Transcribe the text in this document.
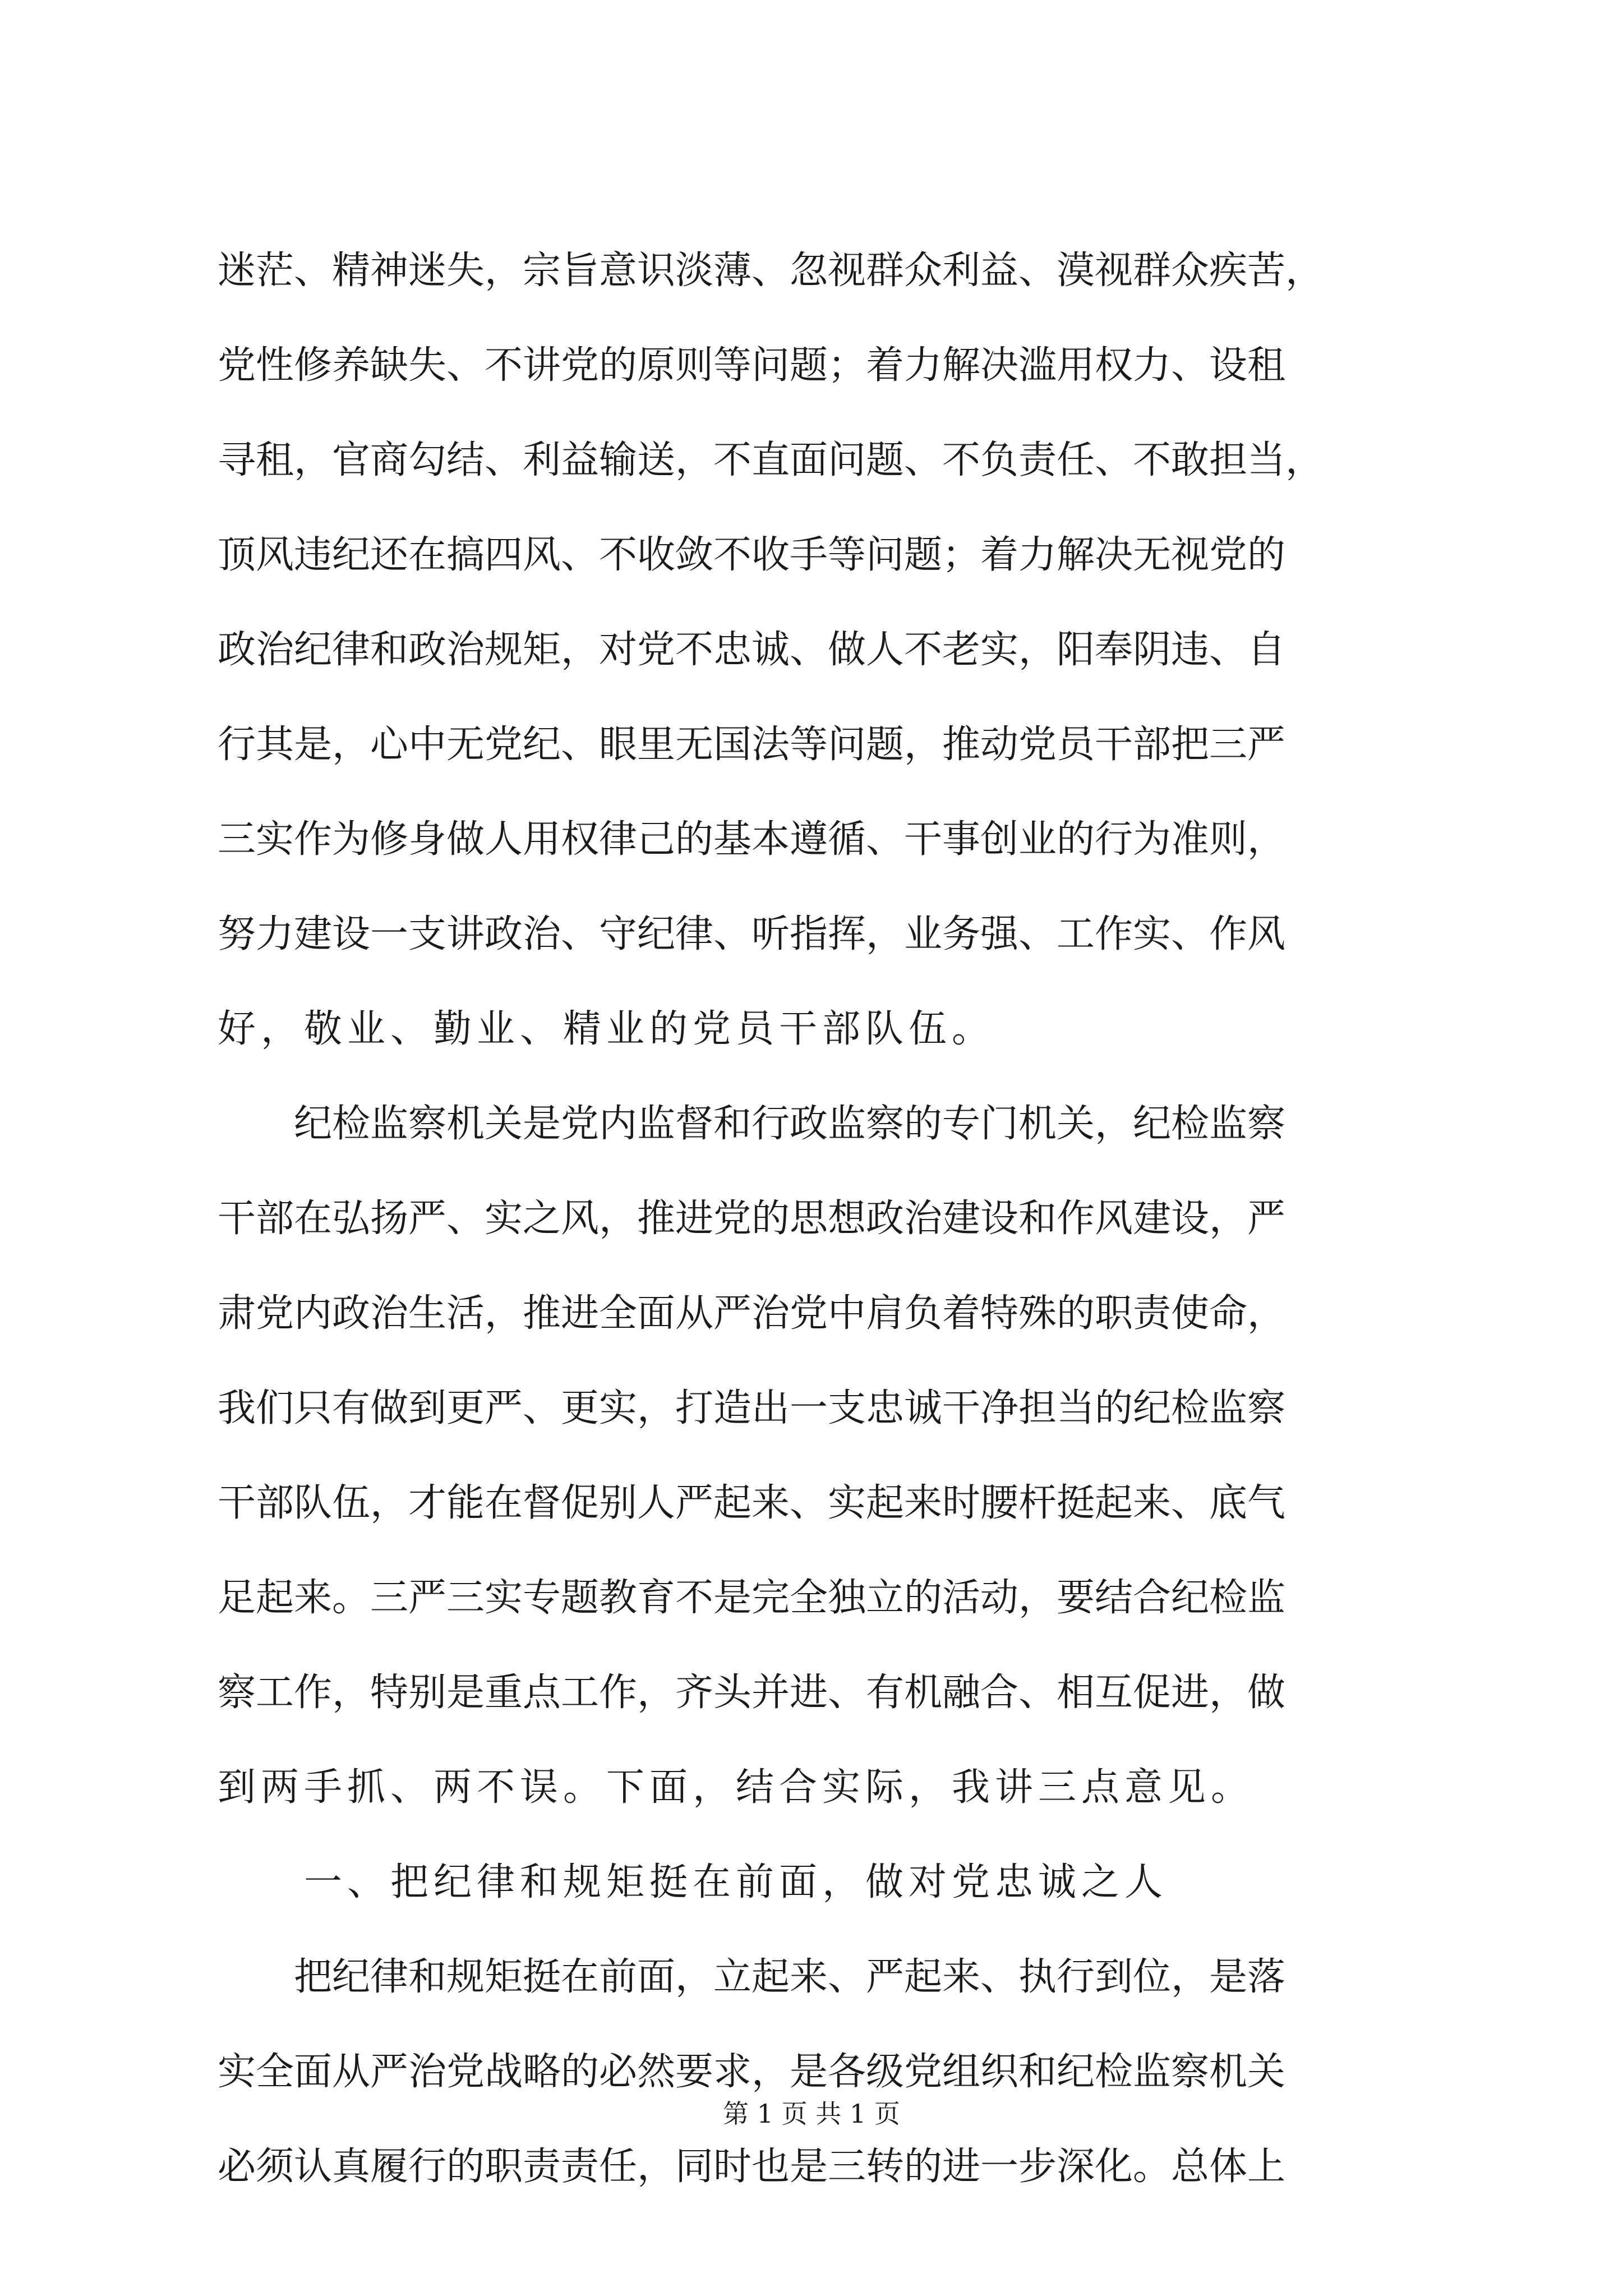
迷茫、精神迷失，宗旨意识淡薄、忽视群众利益、漠视群众疾苦，
党性修养缺失、不讲党的原则等问题；着力解决滥用权力、设租
寻租，官商勾结、利益输送，不直面问题、不负责任、不敢担当，
顶风违纪还在搞四风、不收敛不收手等问题；着力解决无视党的
政治纪律和政治规矩，对党不忠诚、做人不老实，阳奉阴违、自
行其是，心中无党纪、眼里无国法等问题，推动党员干部把三严
三实作为修身做人用权律己的基本遵循、干事创业的行为准则，
努力建设一支讲政治、守纪律、听指挥，业务强、工作实、作风
好，敬业、勤业、精业的党员干部队伍。
　　纪检监察机关是党内监督和行政监察的专门机关，纪检监察
干部在弘扬严、实之风，推进党的思想政治建设和作风建设，严
肃党内政治生活，推进全面从严治党中肩负着特殊的职责使命，
我们只有做到更严、更实，打造出一支忠诚干净担当的纪检监察
干部队伍，才能在督促别人严起来、实起来时腰杆挺起来、底气
足起来。三严三实专题教育不是完全独立的活动，要结合纪检监
察工作，特别是重点工作，齐头并进、有机融合、相互促进，做
到两手抓、两不误。下面，结合实际，我讲三点意见。
　　一、把纪律和规矩挺在前面，做对党忠诚之人
　　把纪律和规矩挺在前面，立起来、严起来、执行到位，是落
实全面从严治党战略的必然要求，是各级党组织和纪检监察机关
必须认真履行的职责责任，同时也是三转的进一步深化。总体上
第 1 页 共 1 页
